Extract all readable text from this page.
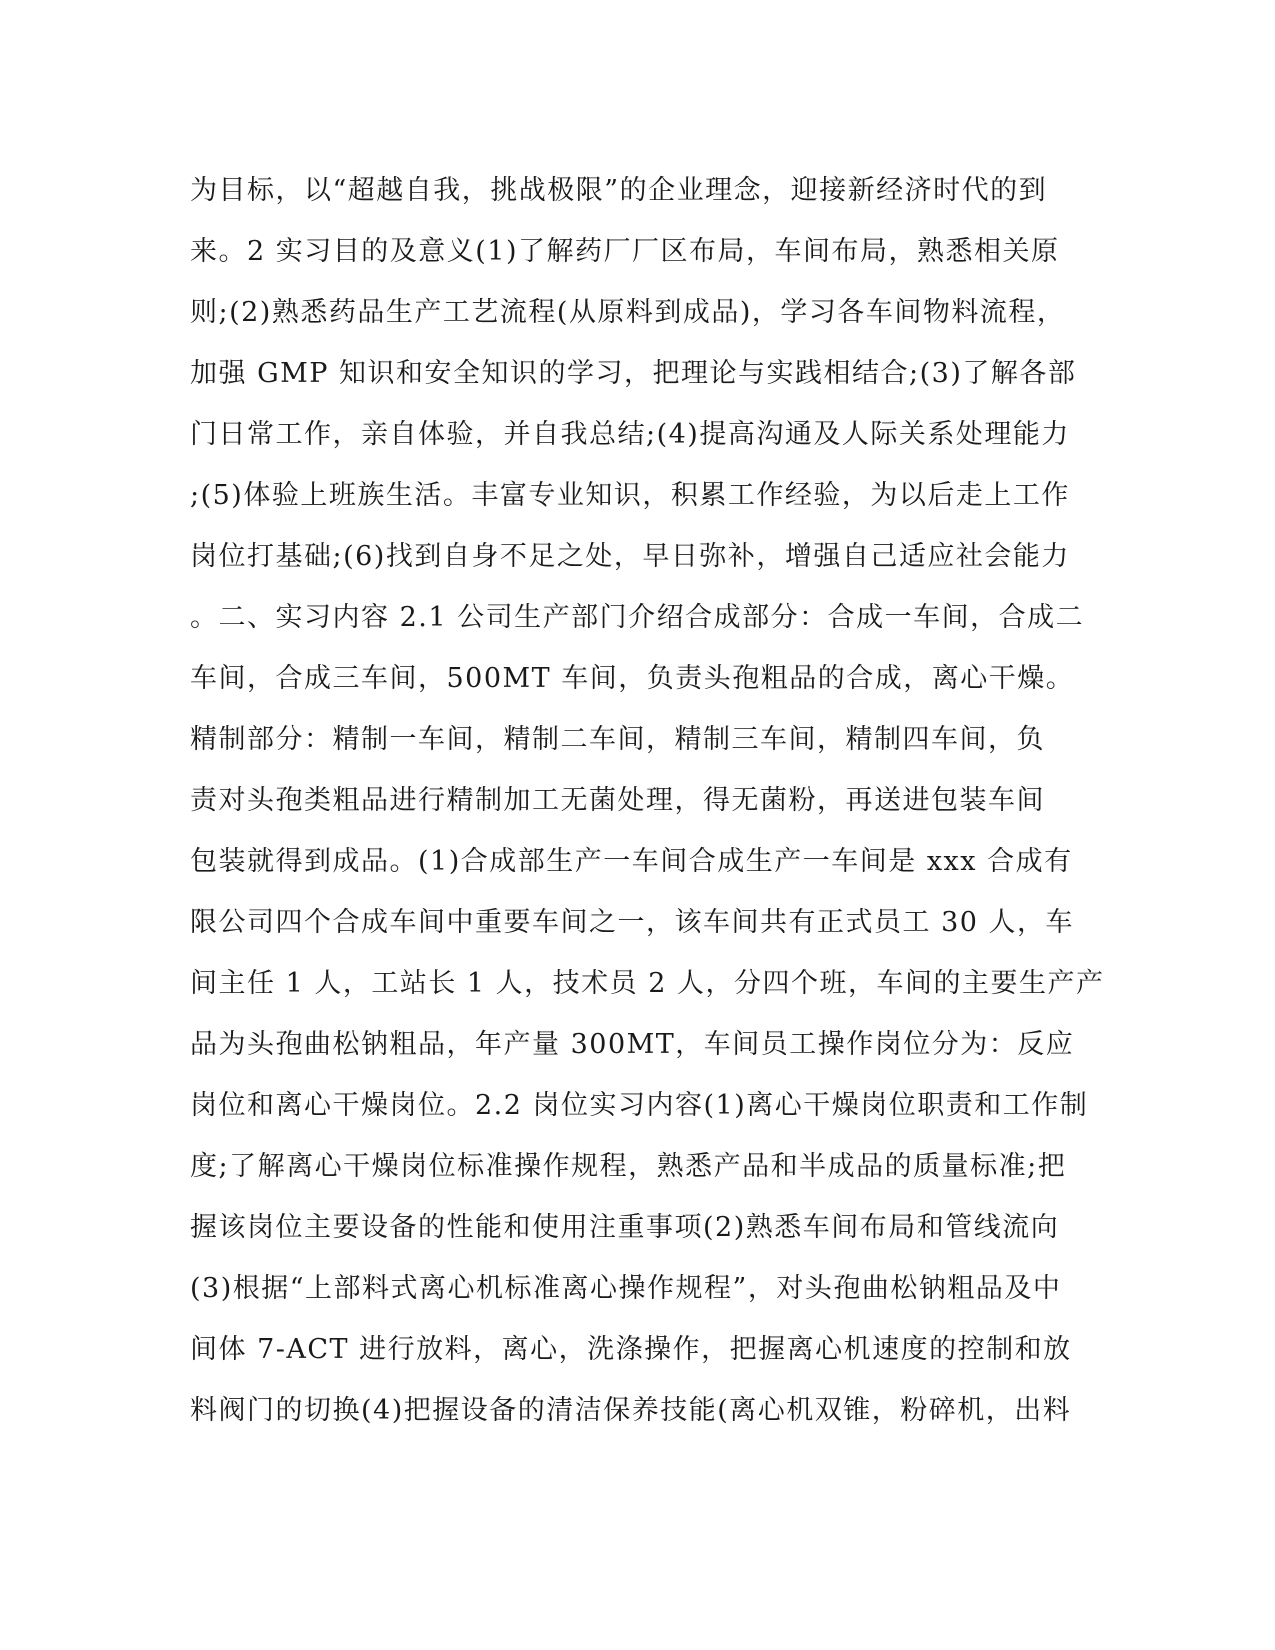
为目标，以“超越自我，挑战极限”的企业理念，迎接新经济时代的到
来。2 实习目的及意义(1)了解药厂厂区布局，车间布局，熟悉相关原
则;(2)熟悉药品生产工艺流程(从原料到成品)，学习各车间物料流程，
加强 GMP 知识和安全知识的学习，把理论与实践相结合;(3)了解各部
门日常工作，亲自体验，并自我总结;(4)提高沟通及人际关系处理能力
;(5)体验上班族生活。丰富专业知识，积累工作经验，为以后走上工作
岗位打基础;(6)找到自身不足之处，早日弥补，增强自己适应社会能力
。二、实习内容 2.1 公司生产部门介绍合成部分：合成一车间，合成二
车间，合成三车间，500MT 车间，负责头孢粗品的合成，离心干燥。
精制部分：精制一车间，精制二车间，精制三车间，精制四车间，负
责对头孢类粗品进行精制加工无菌处理，得无菌粉，再送进包装车间
包装就得到成品。(1)合成部生产一车间合成生产一车间是 xxx 合成有
限公司四个合成车间中重要车间之一，该车间共有正式员工 30 人，车
间主任 1 人，工站长 1 人，技术员 2 人，分四个班，车间的主要生产产
品为头孢曲松钠粗品，年产量 300MT，车间员工操作岗位分为：反应
岗位和离心干燥岗位。2.2 岗位实习内容(1)离心干燥岗位职责和工作制
度;了解离心干燥岗位标准操作规程，熟悉产品和半成品的质量标准;把
握该岗位主要设备的性能和使用注重事项(2)熟悉车间布局和管线流向
(3)根据“上部料式离心机标准离心操作规程”，对头孢曲松钠粗品及中
间体 7-ACT 进行放料，离心，洗涤操作，把握离心机速度的控制和放
料阀门的切换(4)把握设备的清洁保养技能(离心机双锥，粉碎机，出料
